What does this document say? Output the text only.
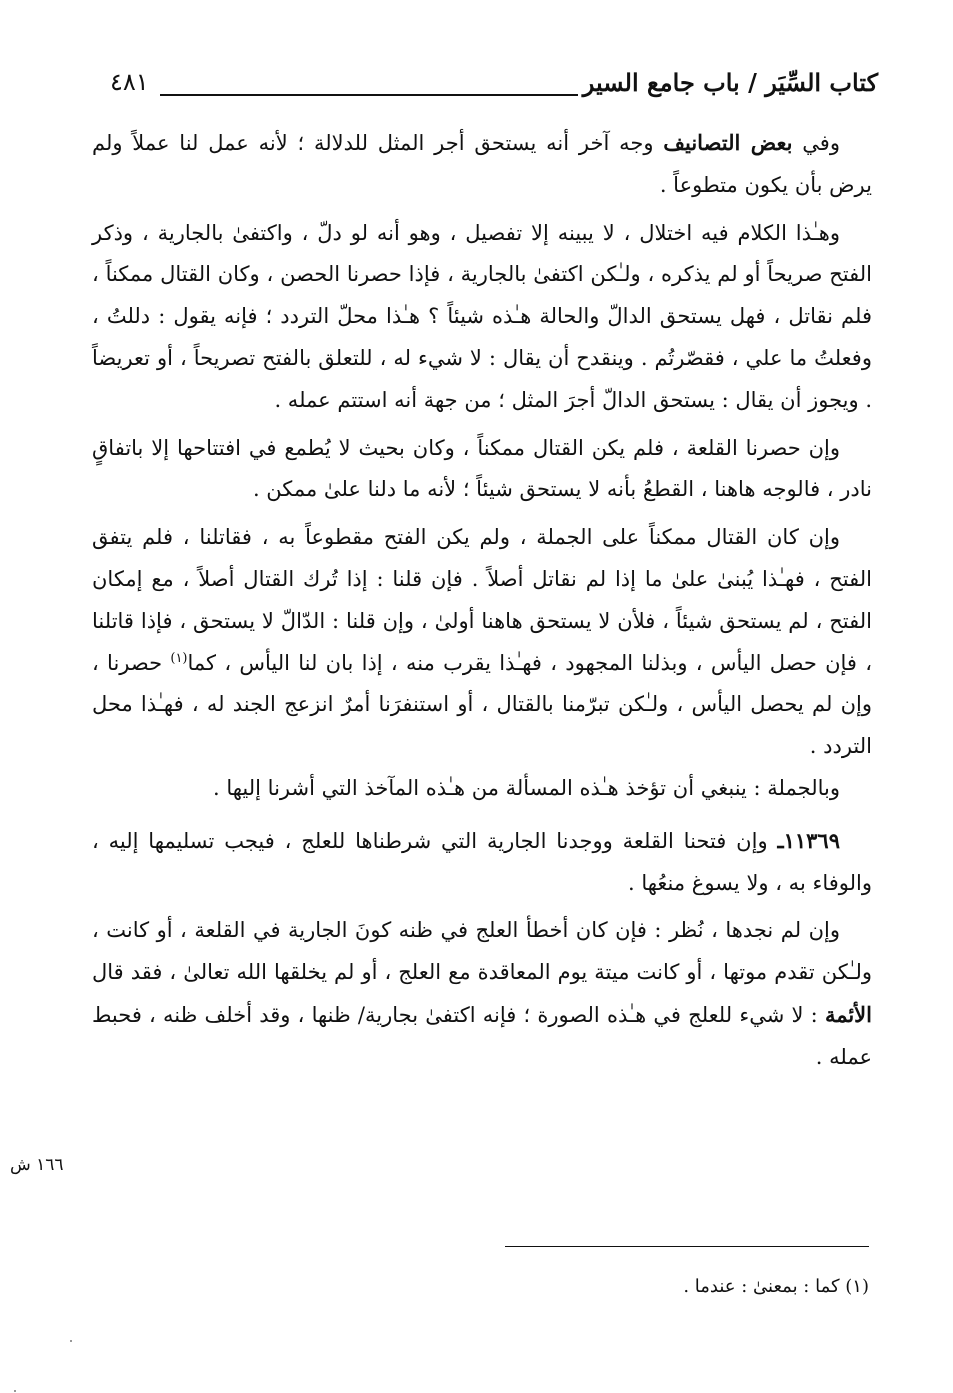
كتاب السِّيَر / باب جامع السير
٤٨١

وفي بعض التصانيف وجه آخر أنه يستحق أجر المثل للدلالة ؛ لأنه عمل لنا عملاً ولم يرض بأن يكون متطوعاً .

وهـٰذا الكلام فيه اختلال ، لا يبينه إلا تفصيل ، وهو أنه لو دلّ ، واكتفىٰ بالجارية ، وذكر الفتح صريحاً أو لم يذكره ، ولـٰكن اكتفىٰ بالجارية ، فإذا حصرنا الحصن ، وكان القتال ممكناً ، فلم نقاتل ، فهل يستحق الدالّ والحالة هـٰذه شيئاً ؟ هـٰذا محلّ التردد ؛ فإنه يقول : دللتُ ، وفعلتُ ما علي ، فقصّرتُم . وينقدح أن يقال : لا شيء له ، للتعلق بالفتح تصريحاً ، أو تعريضاً . ويجوز أن يقال : يستحق الدالّ أجرَ المثل ؛ من جهة أنه استتم عمله .

وإن حصرنا القلعة ، فلم يكن القتال ممكناً ، وكان بحيث لا يُطمع في افتتاحها إلا باتفاقٍ نادر ، فالوجه هاهنا ، القطعُ بأنه لا يستحق شيئاً ؛ لأنه ما دلنا علىٰ ممكن .

وإن كان القتال ممكناً على الجملة ، ولم يكن الفتح مقطوعاً به ، فقاتلنا ، فلم يتفق الفتح ، فهـٰذا يُبنىٰ علىٰ ما إذا لم نقاتل أصلاً . فإن قلنا : إذا تُرك القتال أصلاً ، مع إمكان الفتح ، لم يستحق شيئاً ، فلأن لا يستحق هاهنا أولىٰ ، وإن قلنا : الدّالّ لا يستحق ، فإذا قاتلنا ، فإن حصل اليأس ، وبذلنا المجهود ، فهـٰذا يقرب منه ، إذا بان لنا اليأس ، كما$^{(١)}$ حصرنا ، وإن لم يحصل اليأس ، ولـٰكن تبرّمنا بالقتال ، أو استنفرَنا أمرٌ انزعج الجند له ، فهـٰذا محل التردد .

وبالجملة : ينبغي أن تؤخذ هـٰذه المسألة من هـٰذه المآخذ التي أشرنا إليها .

١١٣٦٩ـ وإن فتحنا القلعة ووجدنا الجارية التي شرطناها للعلج ، فيجب تسليمها إليه ، والوفاء به ، ولا يسوغ منعُها .

وإن لم نجدها ، نُظر : فإن كان أخطأ العلج في ظنه كونَ الجارية في القلعة ، أو كانت ، ولـٰكن تقدم موتها ، أو كانت ميتة يوم المعاقدة مع العلج ، أو لم يخلقها الله تعالىٰ ، فقد قال الأئمة : لا شيء للعلج في هـٰذه الصورة ؛ فإنه اكتفىٰ بجارية/ ظنها ، وقد أخلف ظنه ، فحبط عمله .

١٦٦ ش
(١) كما : بمعنىٰ : عندما .
